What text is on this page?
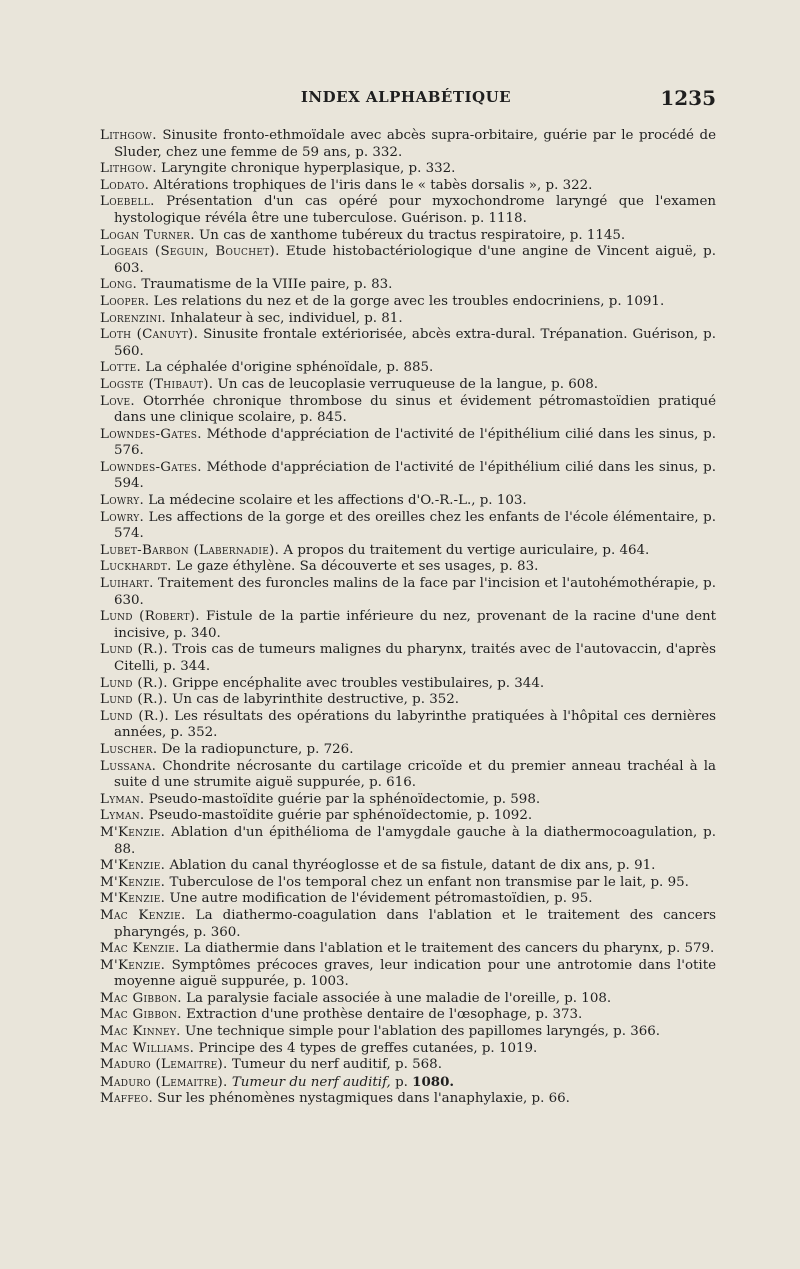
INDEX ALPHABÉTIQUE	1235

Lithgow. Sinusite fronto-ethmoïdale avec abcès supra-orbitaire, guérie par le procédé de Sluder, chez une femme de 59 ans, p. 332.

Lithgow. Laryngite chronique hyperplasique, p. 332.

Lodato. Altérations trophiques de l'iris dans le « tabès dorsalis », p. 322.

Loebell. Présentation d'un cas opéré pour myxochondrome laryngé que l'examen hystologique révéla être une tuberculose. Guérison. p. 1118.

Logan Turner. Un cas de xanthome tubéreux du tractus respiratoire, p. 1145.

Logeais (Seguin, Bouchet). Etude histobactériologique d'une angine de Vincent aiguë, p. 603.

Long. Traumatisme de la VIIIe paire, p. 83.

Looper. Les relations du nez et de la gorge avec les troubles endocriniens, p. 1091.

Lorenzini. Inhalateur à sec, individuel, p. 81.

Loth (Canuyt). Sinusite frontale extériorisée, abcès extra-dural. Trépanation. Guérison, p. 560.

Lotte. La céphalée d'origine sphénoïdale, p. 885.

Logste (Thibaut). Un cas de leucoplasie verruqueuse de la langue, p. 608.

Love. Otorrhée chronique thrombose du sinus et évidement pétromastoïdien pratiqué dans une clinique scolaire, p. 845.

Lowndes-Gates. Méthode d'appréciation de l'activité de l'épithélium cilié dans les sinus, p. 576.

Lowndes-Gates. Méthode d'appréciation de l'activité de l'épithélium cilié dans les sinus, p. 594.

Lowry. La médecine scolaire et les affections d'O.-R.-L., p. 103.

Lowry. Les affections de la gorge et des oreilles chez les enfants de l'école élémentaire, p. 574.

Lubet-Barbon (Labernadie). A propos du traitement du vertige auriculaire, p. 464.

Luckhardt. Le gaze éthylène. Sa découverte et ses usages, p. 83.

Luihart. Traitement des furoncles malins de la face par l'incision et l'autohémothérapie, p. 630.

Lund (Robert). Fistule de la partie inférieure du nez, provenant de la racine d'une dent incisive, p. 340.

Lund (R.). Trois cas de tumeurs malignes du pharynx, traités avec de l'autovaccin, d'après Citelli, p. 344.

Lund (R.). Grippe encéphalite avec troubles vestibulaires, p. 344.

Lund (R.). Un cas de labyrinthite destructive, p. 352.

Lund (R.). Les résultats des opérations du labyrinthe pratiquées à l'hôpital ces dernières années, p. 352.

Luscher. De la radiopuncture, p. 726.

Lussana. Chondrite nécrosante du cartilage cricoïde et du premier anneau trachéal à la suite d une strumite aiguë suppurée, p. 616.

Lyman. Pseudo-mastoïdite guérie par la sphénoïdectomie, p. 598.

Lyman. Pseudo-mastoïdite guérie par sphénoïdectomie, p. 1092.

M'Kenzie. Ablation d'un épithélioma de l'amygdale gauche à la diathermocoagulation, p. 88.

M'Kenzie. Ablation du canal thyréoglosse et de sa fistule, datant de dix ans, p. 91.

M'Kenzie. Tuberculose de l'os temporal chez un enfant non transmise par le lait, p. 95.

M'Kenzie. Une autre modification de l'évidement pétromastoïdien, p. 95.

Mac Kenzie. La diathermo-coagulation dans l'ablation et le traitement des cancers pharyngés, p. 360.

Mac Kenzie. La diathermie dans l'ablation et le traitement des cancers du pharynx, p. 579.

M'Kenzie. Symptômes précoces graves, leur indication pour une antrotomie dans l'otite moyenne aiguë suppurée, p. 1003.

Mac Gibbon. La paralysie faciale associée à une maladie de l'oreille, p. 108.

Mac Gibbon. Extraction d'une prothèse dentaire de l'œsophage, p. 373.

Mac Kinney. Une technique simple pour l'ablation des papillomes laryngés, p. 366.

Mac Williams. Principe des 4 types de greffes cutanées, p. 1019.

Maduro (Lemaitre). Tumeur du nerf auditif, p. 568.

Maduro (Lemaitre). Tumeur du nerf auditif, p. 1080.

Maffeo. Sur les phénomènes nystagmiques dans l'anaphylaxie, p. 66.
